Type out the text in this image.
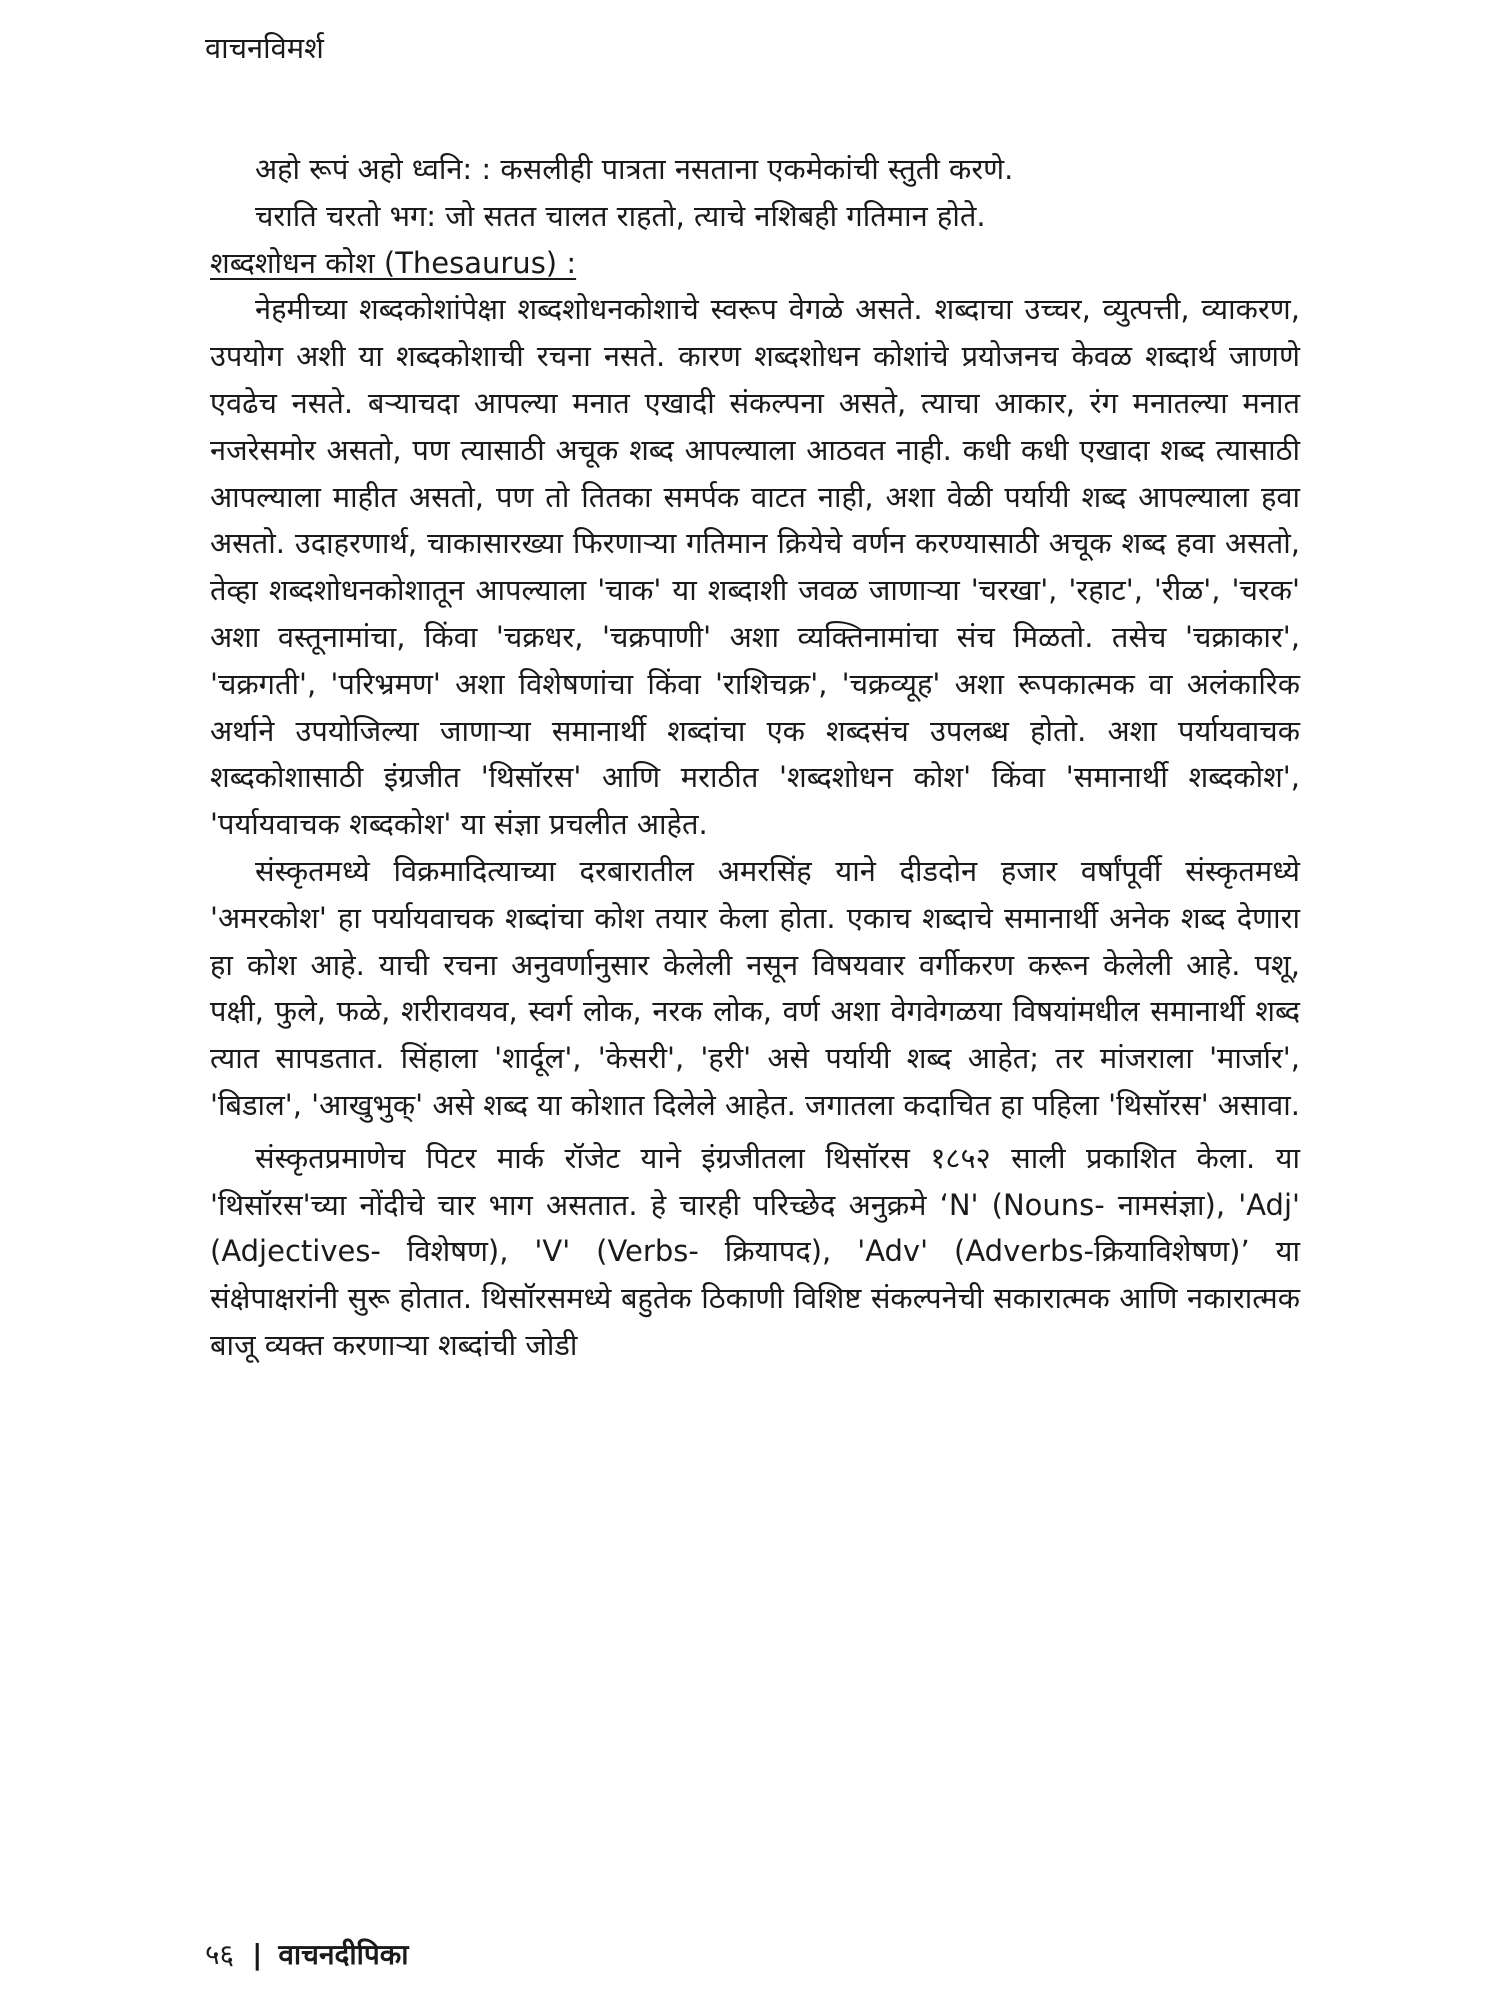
वाचनविमर्श

अहो रूपं अहो ध्वनि: : कसलीही पात्रता नसताना एकमेकांची स्तुती करणे.

चराति चरतो भग: जो सतत चालत राहतो, त्याचे नशिबही गतिमान होते.

शब्दशोधन कोश (Thesaurus) :

नेहमीच्या शब्दकोशांपेक्षा शब्दशोधनकोशाचे स्वरूप वेगळे असते. शब्दाचा उच्चर, व्युत्पत्ती, व्याकरण, उपयोग अशी या शब्दकोशाची रचना नसते. कारण शब्दशोधन कोशांचे प्रयोजनच केवळ शब्दार्थ जाणणे एवढेच नसते. बऱ्याचदा आपल्या मनात एखादी संकल्पना असते, त्याचा आकार, रंग मनातल्या मनात नजरेसमोर असतो, पण त्यासाठी अचूक शब्द आपल्याला आठवत नाही. कधी कधी एखादा शब्द त्यासाठी आपल्याला माहीत असतो, पण तो तितका समर्पक वाटत नाही, अशा वेळी पर्यायी शब्द आपल्याला हवा असतो. उदाहरणार्थ, चाकासारख्या फिरणाऱ्या गतिमान क्रियेचे वर्णन करण्यासाठी अचूक शब्द हवा असतो, तेव्हा शब्दशोधनकोशातून आपल्याला 'चाक' या शब्दाशी जवळ जाणाऱ्या 'चरखा', 'रहाट', 'रीळ', 'चरक' अशा वस्तूनामांचा, किंवा 'चक्रधर, 'चक्रपाणी' अशा व्यक्तिनामांचा संच मिळतो. तसेच 'चक्राकार', 'चक्रगती', 'परिभ्रमण' अशा विशेषणांचा किंवा 'राशिचक्र', 'चक्रव्यूह' अशा रूपकात्मक वा अलंकारिक अर्थाने उपयोजिल्या जाणाऱ्या समानार्थी शब्दांचा एक शब्दसंच उपलब्ध होतो. अशा पर्यायवाचक शब्दकोशासाठी इंग्रजीत 'थिसॉरस' आणि मराठीत 'शब्दशोधन कोश' किंवा 'समानार्थी शब्दकोश', 'पर्यायवाचक शब्दकोश' या संज्ञा प्रचलीत आहेत.

संस्कृतमध्ये विक्रमादित्याच्या दरबारातील अमरसिंह याने दीडदोन हजार वर्षांपूर्वी संस्कृतमध्ये 'अमरकोश' हा पर्यायवाचक शब्दांचा कोश तयार केला होता. एकाच शब्दाचे समानार्थी अनेक शब्द देणारा हा कोश आहे. याची रचना अनुवर्णानुसार केलेली नसून विषयवार वर्गीकरण करून केलेली आहे. पशू, पक्षी, फुले, फळे, शरीरावयव, स्वर्ग लोक, नरक लोक, वर्ण अशा वेगवेगळया विषयांमधील समानार्थी शब्द त्यात सापडतात. सिंहाला 'शार्दूल', 'केसरी', 'हरी' असे पर्यायी शब्द आहेत; तर मांजराला 'मार्जार', 'बिडाल', 'आखुभुक्' असे शब्द या कोशात दिलेले आहेत. जगातला कदाचित हा पहिला 'थिसॉरस' असावा.

संस्कृतप्रमाणेच पिटर मार्क रॉजेट याने इंग्रजीतला थिसॉरस १८५२ साली प्रकाशित केला. या 'थिसॉरस'च्या नोंदीचे चार भाग असतात. हे चारही परिच्छेद अनुक्रमे ‘N' (Nouns- नामसंज्ञा), 'Adj' (Adjectives- विशेषण), 'V' (Verbs- क्रियापद), 'Adv' (Adverbs-क्रियाविशेषण)’ या संक्षेपाक्षरांनी सुरू होतात. थिसॉरसमध्ये बहुतेक ठिकाणी विशिष्ट संकल्पनेची सकारात्मक आणि नकारात्मक बाजू व्यक्त करणाऱ्या शब्दांची जोडी

५६ | वाचनदीपिका
